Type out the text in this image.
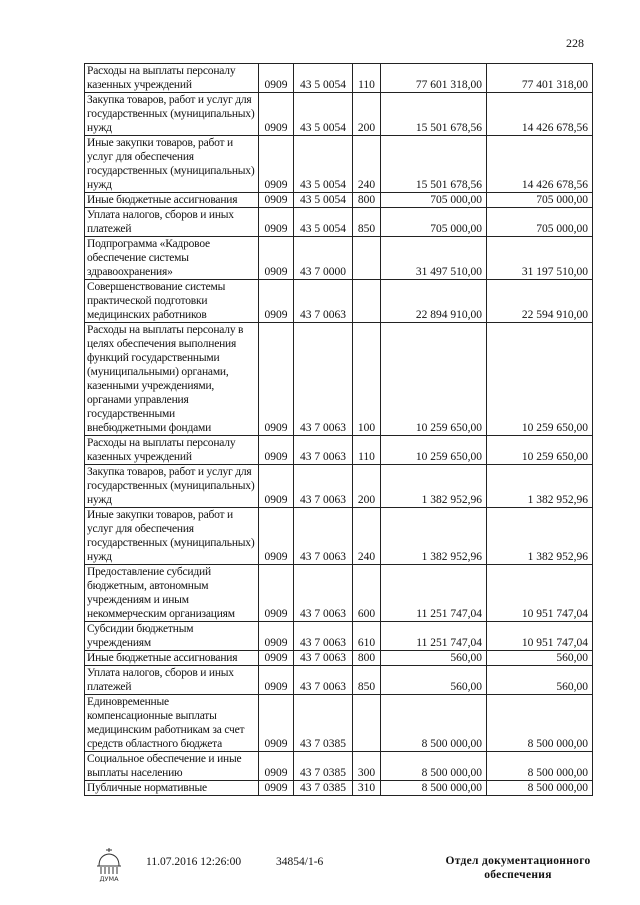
228
Расходы на выплаты персоналу казенных учреждений	0909	43 5 0054	110	77 601 318,00	77 401 318,00
Закупка товаров, работ и услуг для государственных (муниципальных) нужд	0909	43 5 0054	200	15 501 678,56	14 426 678,56
Иные закупки товаров, работ и услуг для обеспечения государственных (муниципальных) нужд	0909	43 5 0054	240	15 501 678,56	14 426 678,56
Иные бюджетные ассигнования	0909	43 5 0054	800	705 000,00	705 000,00
Уплата налогов, сборов и иных платежей	0909	43 5 0054	850	705 000,00	705 000,00
Подпрограмма «Кадровое обеспечение системы здравоохранения»	0909	43 7 0000		31 497 510,00	31 197 510,00
Совершенствование системы практической подготовки медицинских работников	0909	43 7 0063		22 894 910,00	22 594 910,00
Расходы на выплаты персоналу в целях обеспечения выполнения функций государственными (муниципальными) органами, казенными учреждениями, органами управления государственными внебюджетными фондами	0909	43 7 0063	100	10 259 650,00	10 259 650,00
Расходы на выплаты персоналу казенных учреждений	0909	43 7 0063	110	10 259 650,00	10 259 650,00
Закупка товаров, работ и услуг для государственных (муниципальных) нужд	0909	43 7 0063	200	1 382 952,96	1 382 952,96
Иные закупки товаров, работ и услуг для обеспечения государственных (муниципальных) нужд	0909	43 7 0063	240	1 382 952,96	1 382 952,96
Предоставление субсидий бюджетным, автономным учреждениям и иным некоммерческим организациям	0909	43 7 0063	600	11 251 747,04	10 951 747,04
Субсидии бюджетным учреждениям	0909	43 7 0063	610	11 251 747,04	10 951 747,04
Иные бюджетные ассигнования	0909	43 7 0063	800	560,00	560,00
Уплата налогов, сборов и иных платежей	0909	43 7 0063	850	560,00	560,00
Единовременные компенсационные выплаты медицинским работникам за счет средств областного бюджета	0909	43 7 0385		8 500 000,00	8 500 000,00
Социальное обеспечение и иные выплаты населению	0909	43 7 0385	300	8 500 000,00	8 500 000,00
Публичные нормативные	0909	43 7 0385	310	8 500 000,00	8 500 000,00
ДУМА
11.07.2016 12:26:00	34854/1-6	Отдел документационного
обеспечения
